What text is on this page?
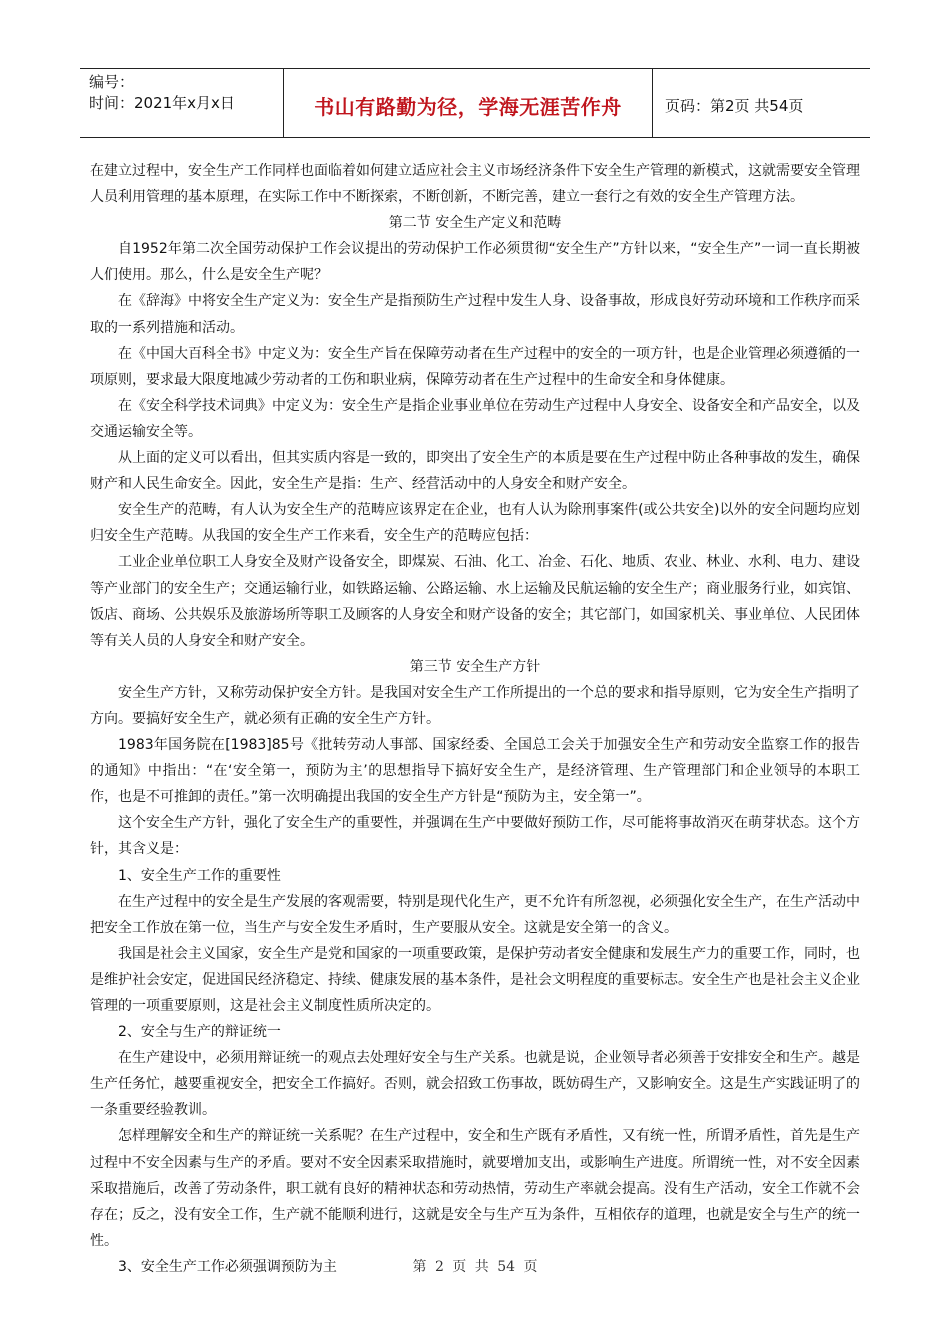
编号：
时间：2021年x月x日	书山有路勤为径，学海无涯苦作舟	页码：第2页 共54页

在建立过程中，安全生产工作同样也面临着如何建立适应社会主义市场经济条件下安全生产管理的新模式，这就需要安全管理人员利用管理的基本原理，在实际工作中不断探索，不断创新，不断完善，建立一套行之有效的安全生产管理方法。

第二节 安全生产定义和范畴

自1952年第二次全国劳动保护工作会议提出的劳动保护工作必须贯彻“安全生产”方针以来，“安全生产”一词一直长期被人们使用。那么，什么是安全生产呢？

在《辞海》中将安全生产定义为：安全生产是指预防生产过程中发生人身、设备事故，形成良好劳动环境和工作秩序而采取的一系列措施和活动。

在《中国大百科全书》中定义为：安全生产旨在保障劳动者在生产过程中的安全的一项方针，也是企业管理必须遵循的一项原则，要求最大限度地减少劳动者的工伤和职业病，保障劳动者在生产过程中的生命安全和身体健康。

在《安全科学技术词典》中定义为：安全生产是指企业事业单位在劳动生产过程中人身安全、设备安全和产品安全，以及交通运输安全等。

从上面的定义可以看出，但其实质内容是一致的，即突出了安全生产的本质是要在生产过程中防止各种事故的发生，确保财产和人民生命安全。因此，安全生产是指：生产、经营活动中的人身安全和财产安全。

安全生产的范畴，有人认为安全生产的范畴应该界定在企业，也有人认为除刑事案件(或公共安全)以外的安全问题均应划归安全生产范畴。从我国的安全生产工作来看，安全生产的范畴应包括：

工业企业单位职工人身安全及财产设备安全，即煤炭、石油、化工、冶金、石化、地质、农业、林业、水利、电力、建设等产业部门的安全生产；交通运输行业，如铁路运输、公路运输、水上运输及民航运输的安全生产；商业服务行业，如宾馆、饭店、商场、公共娱乐及旅游场所等职工及顾客的人身安全和财产设备的安全；其它部门，如国家机关、事业单位、人民团体等有关人员的人身安全和财产安全。

第三节 安全生产方针

安全生产方针，又称劳动保护安全方针。是我国对安全生产工作所提出的一个总的要求和指导原则，它为安全生产指明了方向。要搞好安全生产，就必须有正确的安全生产方针。

1983年国务院在[1983]85号《批转劳动人事部、国家经委、全国总工会关于加强安全生产和劳动安全监察工作的报告的通知》中指出：“在‘安全第一，预防为主’的思想指导下搞好安全生产，是经济管理、生产管理部门和企业领导的本职工作，也是不可推卸的责任。”第一次明确提出我国的安全生产方针是“预防为主，安全第一”。

这个安全生产方针，强化了安全生产的重要性，并强调在生产中要做好预防工作，尽可能将事故消灭在萌芽状态。这个方针，其含义是：

1、安全生产工作的重要性

在生产过程中的安全是生产发展的客观需要，特别是现代化生产，更不允许有所忽视，必须强化安全生产，在生产活动中把安全工作放在第一位，当生产与安全发生矛盾时，生产要服从安全。这就是安全第一的含义。

我国是社会主义国家，安全生产是党和国家的一项重要政策，是保护劳动者安全健康和发展生产力的重要工作，同时，也是维护社会安定，促进国民经济稳定、持续、健康发展的基本条件，是社会文明程度的重要标志。安全生产也是社会主义企业管理的一项重要原则，这是社会主义制度性质所决定的。

2、安全与生产的辩证统一

在生产建设中，必须用辩证统一的观点去处理好安全与生产关系。也就是说，企业领导者必须善于安排安全和生产。越是生产任务忙，越要重视安全，把安全工作搞好。否则，就会招致工伤事故，既妨碍生产，又影响安全。这是生产实践证明了的一条重要经验教训。

怎样理解安全和生产的辩证统一关系呢？在生产过程中，安全和生产既有矛盾性，又有统一性，所谓矛盾性，首先是生产过程中不安全因素与生产的矛盾。要对不安全因素采取措施时，就要增加支出，或影响生产进度。所谓统一性，对不安全因素采取措施后，改善了劳动条件，职工就有良好的精神状态和劳动热情，劳动生产率就会提高。没有生产活动，安全工作就不会存在；反之，没有安全工作，生产就不能顺利进行，这就是安全与生产互为条件，互相依存的道理，也就是安全与生产的统一性。

3、安全生产工作必须强调预防为主	第 2 页 共 54 页
